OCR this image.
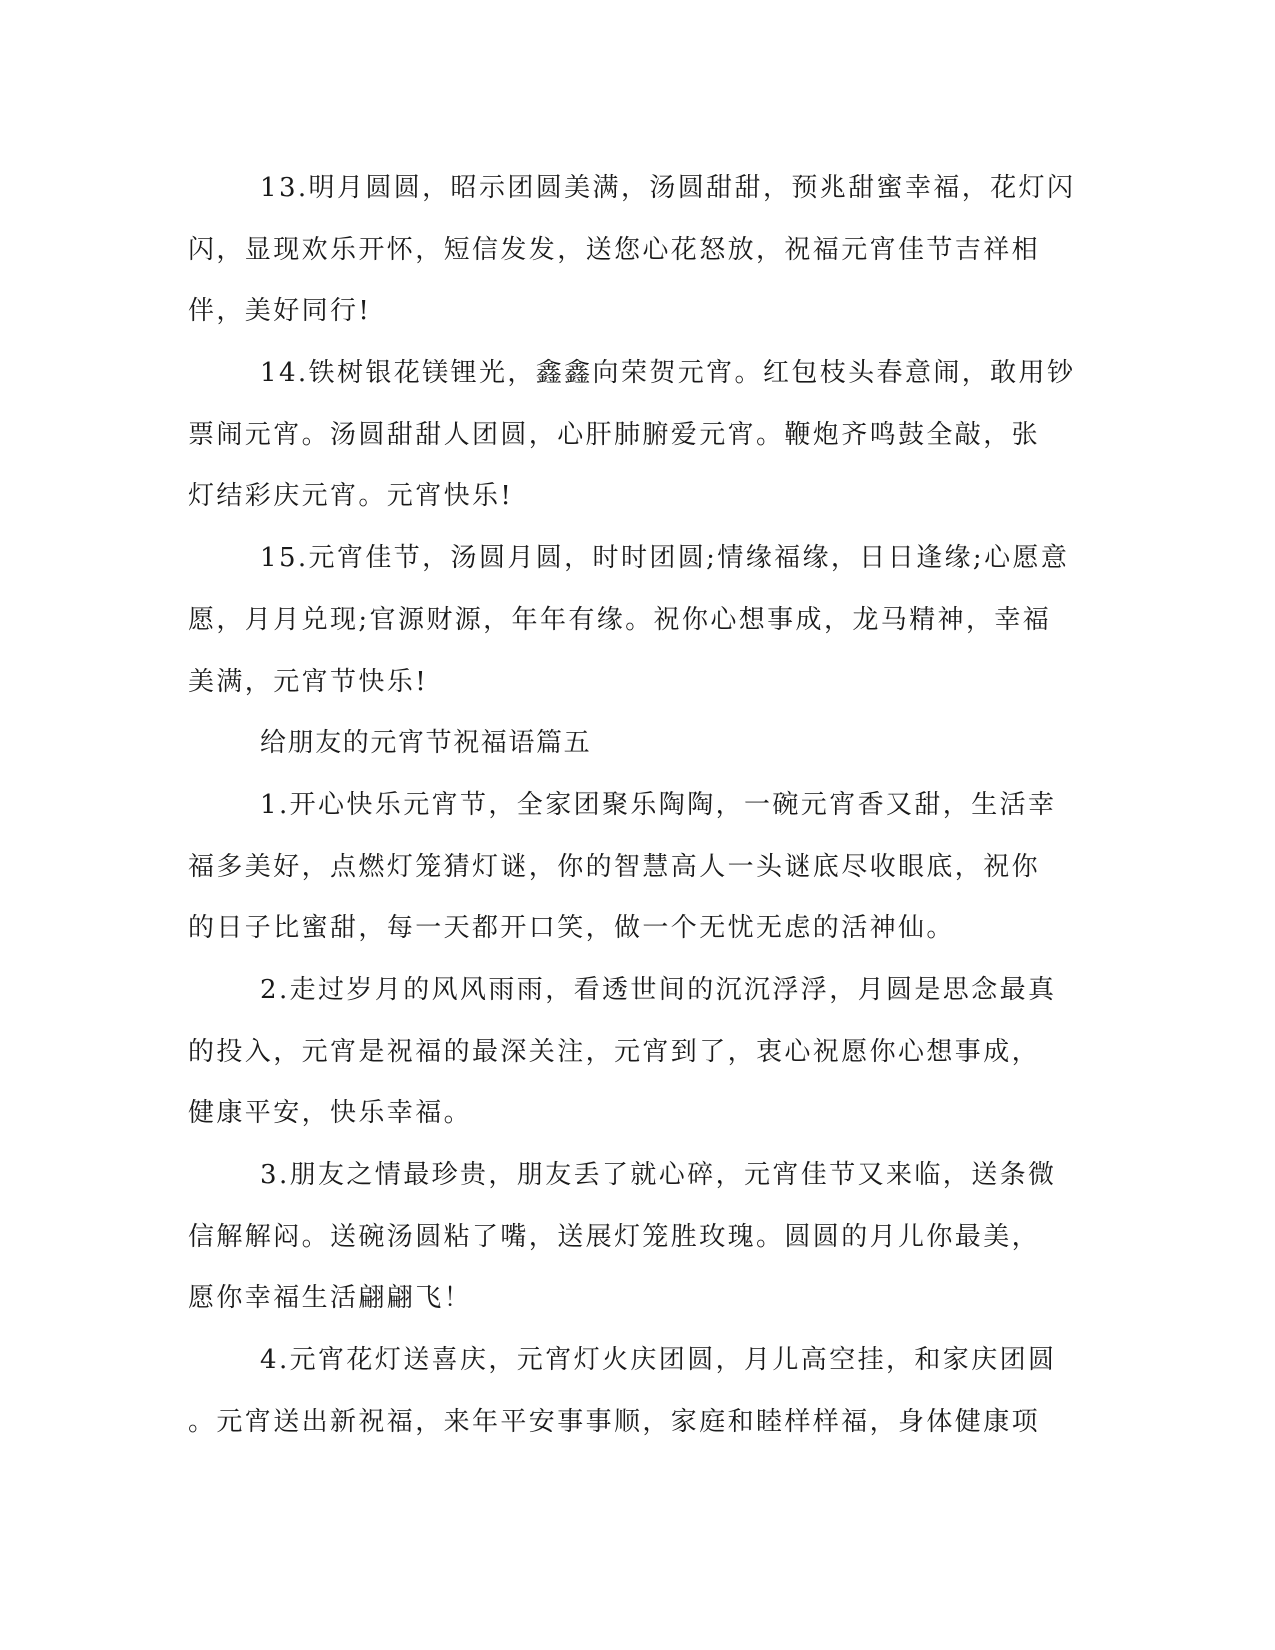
13.明月圆圆，昭示团圆美满，汤圆甜甜，预兆甜蜜幸福，花灯闪
闪，显现欢乐开怀，短信发发，送您心花怒放，祝福元宵佳节吉祥相
伴，美好同行!
14.铁树银花镁锂光，鑫鑫向荣贺元宵。红包枝头春意闹，敢用钞
票闹元宵。汤圆甜甜人团圆，心肝肺腑爱元宵。鞭炮齐鸣鼓全敲，张
灯结彩庆元宵。元宵快乐!
15.元宵佳节，汤圆月圆，时时团圆;情缘福缘，日日逢缘;心愿意
愿，月月兑现;官源财源，年年有缘。祝你心想事成，龙马精神，幸福
美满，元宵节快乐!
给朋友的元宵节祝福语篇五
1.开心快乐元宵节，全家团聚乐陶陶，一碗元宵香又甜，生活幸
福多美好，点燃灯笼猜灯谜，你的智慧高人一头谜底尽收眼底，祝你
的日子比蜜甜，每一天都开口笑，做一个无忧无虑的活神仙。
2.走过岁月的风风雨雨，看透世间的沉沉浮浮，月圆是思念最真
的投入，元宵是祝福的最深关注，元宵到了，衷心祝愿你心想事成，
健康平安，快乐幸福。
3.朋友之情最珍贵，朋友丢了就心碎，元宵佳节又来临，送条微
信解解闷。送碗汤圆粘了嘴，送展灯笼胜玫瑰。圆圆的月儿你最美，
愿你幸福生活翩翩飞！
4.元宵花灯送喜庆，元宵灯火庆团圆，月儿高空挂，和家庆团圆
。元宵送出新祝福，来年平安事事顺，家庭和睦样样福，身体健康项
